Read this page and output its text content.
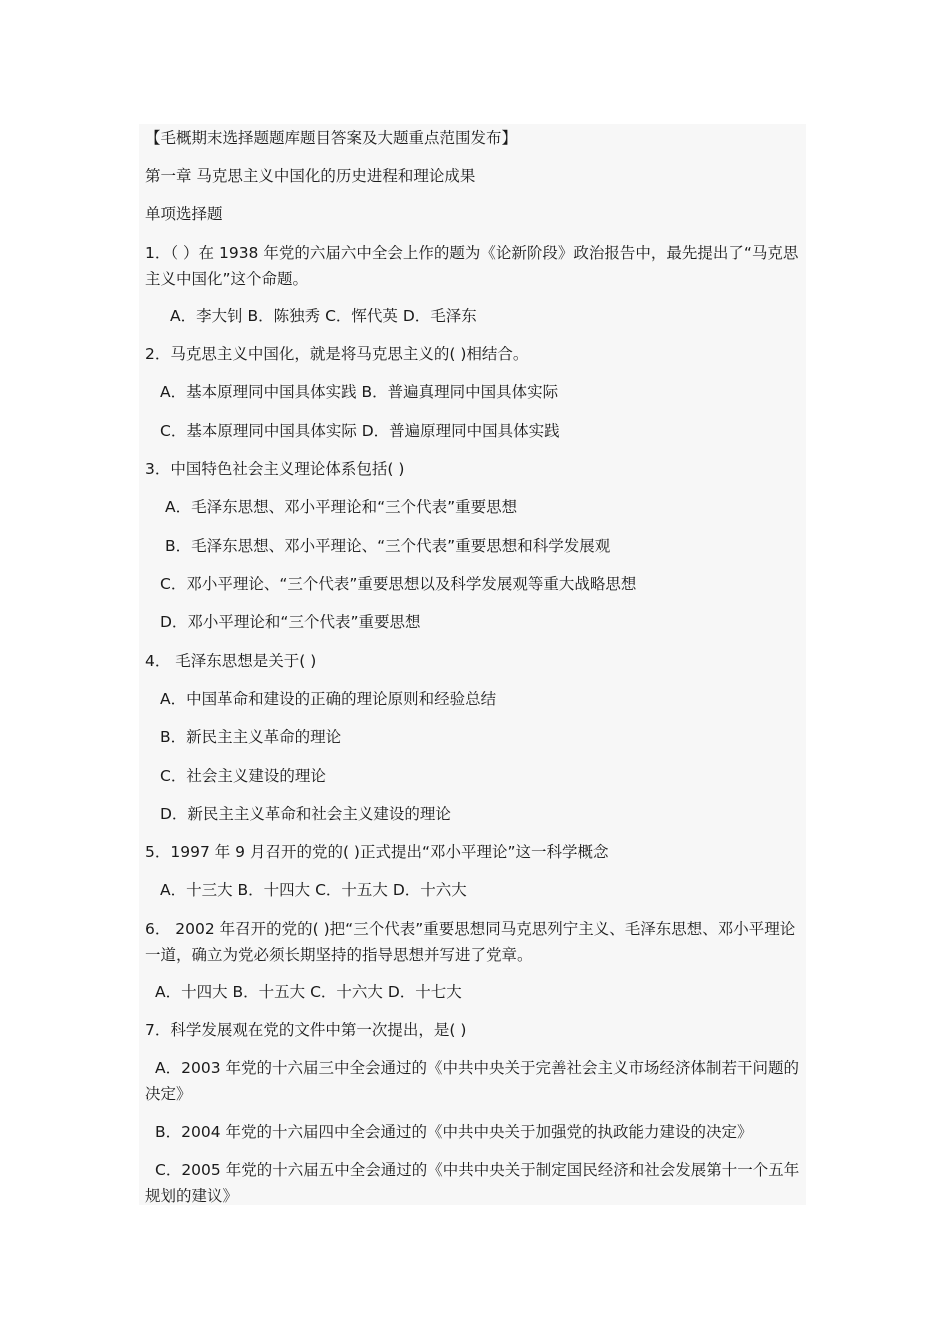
【毛概期末选择题题库题目答案及大题重点范围发布】
第一章 马克思主义中国化的历史进程和理论成果
单项选择题
1．（ ）在 1938 年党的六届六中全会上作的题为《论新阶段》政治报告中，最先提出了“马克思主义中国化”这个命题。
A．李大钊 B．陈独秀 C．恽代英 D．毛泽东
2．马克思主义中国化，就是将马克思主义的( )相结合。
A．基本原理同中国具体实践 B．普遍真理同中国具体实际
C．基本原理同中国具体实际 D．普遍原理同中国具体实践
3．中国特色社会主义理论体系包括( )
A．毛泽东思想、邓小平理论和“三个代表”重要思想
B．毛泽东思想、邓小平理论、“三个代表”重要思想和科学发展观
C．邓小平理论、“三个代表”重要思想以及科学发展观等重大战略思想
D．邓小平理论和“三个代表”重要思想
4． 毛泽东思想是关于( )
A．中国革命和建设的正确的理论原则和经验总结
B．新民主主义革命的理论
C．社会主义建设的理论
D．新民主主义革命和社会主义建设的理论
5．1997 年 9 月召开的党的( )正式提出“邓小平理论”这一科学概念
A．十三大 B．十四大 C．十五大 D．十六大
6． 2002 年召开的党的( )把“三个代表”重要思想同马克思列宁主义、毛泽东思想、邓小平理论一道，确立为党必须长期坚持的指导思想并写进了党章。
A．十四大 B．十五大 C．十六大 D．十七大
7．科学发展观在党的文件中第一次提出，是( )
A．2003 年党的十六届三中全会通过的《中共中央关于完善社会主义市场经济体制若干问题的决定》
B．2004 年党的十六届四中全会通过的《中共中央关于加强党的执政能力建设的决定》
C．2005 年党的十六届五中全会通过的《中共中央关于制定国民经济和社会发展第十一个五年规划的建议》
